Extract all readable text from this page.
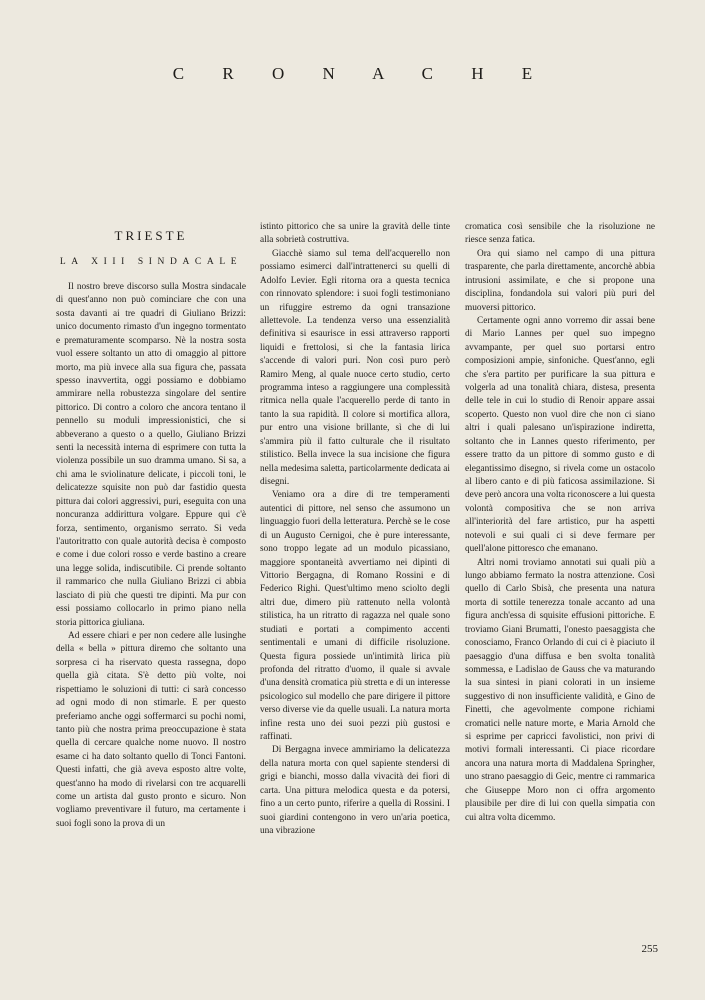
C R O N A C H E
TRIESTE
LA XIII SINDACALE

Il nostro breve discorso sulla Mostra sindacale di quest'anno non può cominciare che con una sosta davanti ai tre quadri di Giuliano Brizzi: unico documento rimasto d'un ingegno tormentato e prematuramente scomparso. Nè la nostra sosta vuol essere soltanto un atto di omaggio al pittore morto, ma più invece alla sua figura che, passata spesso inavvertita, oggi possiamo e dobbiamo ammirare nella robustezza singolare del sentire pittorico. Di contro a coloro che ancora tentano il pennello su moduli impressionistici, che si abbeverano a questo o a quello, Giuliano Brizzi senti la necessità interna di esprimere con tutta la violenza possibile un suo dramma umano. Si sa, a chi ama le sviolinature delicate, i piccoli toni, le delicatezze squisite non può dar fastidio questa pittura dai colori aggressivi, puri, eseguita con una noncuranza addirittura volgare. Eppure qui c'è forza, sentimento, organismo serrato. Si veda l'autoritratto con quale autorità decisa è composto e come i due colori rosso e verde bastino a creare una legge solida, indiscutibile. Ci prende soltanto il rammarico che nulla Giuliano Brizzi ci abbia lasciato di più che questi tre dipinti. Ma pur con essi possiamo collocarlo in primo piano nella storia pittorica giuliana.

Ad essere chiari e per non cedere alle lusinghe della « bella » pittura diremo che soltanto una sorpresa ci ha riservato questa rassegna, dopo quella già citata. S'è detto più volte, noi rispettiamo le soluzioni di tutti: ci sarà concesso ad ogni modo di non stimarle. E per questo preferiamo anche oggi soffermarci su pochi nomi, tanto più che nostra prima preoccupazione è stata quella di cercare qualche nome nuovo. Il nostro esame ci ha dato soltanto quello di Tonci Fantoni. Questi infatti, che già aveva esposto altre volte, quest'anno ha modo di rivelarsi con tre acquarelli come un artista dal gusto pronto e sicuro. Non vogliamo preventivare il futuro, ma certamente i suoi fogli sono la prova di un

istinto pittorico che sa unire la gravità delle tinte alla sobrietà costruttiva.

Giacchè siamo sul tema dell'acquerello non possiamo esimerci dall'intrattenerci su quelli di Adolfo Levier. Egli ritorna ora a questa tecnica con rinnovato splendore: i suoi fogli testimoniano un rifuggire estremo da ogni transazione allettevole. La tendenza verso una essenzialità definitiva si esaurisce in essi attraverso rapporti liquidi e frettolosi, si che la fantasia lirica s'accende di valori puri. Non così puro però Ramiro Meng, al quale nuoce certo studio, certo programma inteso a raggiungere una complessità ritmica nella quale l'acquerello perde di tanto in tanto la sua rapidità. Il colore si mortifica allora, pur entro una visione brillante, sì che di lui s'ammira più il fatto culturale che il risultato stilistico. Bella invece la sua incisione che figura nella medesima saletta, particolarmente dedicata ai disegni.

Veniamo ora a dire di tre temperamenti autentici di pittore, nel senso che assumono un linguaggio fuori della letteratura. Perchè se le cose di un Augusto Cernigoi, che è pure interessante, sono troppo legate ad un modulo picassiano, maggiore spontaneità avvertiamo nei dipinti di Vittorio Bergagna, di Romano Rossini e di Federico Righi. Quest'ultimo meno sciolto degli altri due, dimero più rattenuto nella volontà stilistica, ha un ritratto di ragazza nel quale sono studiati e portati a compimento accenti sentimentali e umani di difficile risoluzione. Questa figura possiede un'intimità lirica più profonda del ritratto d'uomo, il quale si avvale d'una densità cromatica più stretta e di un interesse psicologico sul modello che pare dirigere il pittore verso diverse vie da quelle usuali. La natura morta infine resta uno dei suoi pezzi più gustosi e raffinati.

Di Bergagna invece ammiriamo la delicatezza della natura morta con quel sapiente stendersi di grigi e bianchi, mosso dalla vivacità dei fiori di carta. Una pittura melodica questa e da potersi, fino a un certo punto, riferire a quella di Rossini. I suoi giardini contengono in vero un'aria poetica, una vibrazione

cromatica così sensibile che la risoluzione ne riesce senza fatica.

Ora qui siamo nel campo di una pittura trasparente, che parla direttamente, ancorchè abbia intrusioni assimilate, e che si propone una disciplina, fondandola sui valori più puri del muoversi pittorico.

Certamente ogni anno vorremo dir assai bene di Mario Lannes per quel suo impegno avvampante, per quel suo portarsi entro composizioni ampie, sinfoniche. Quest'anno, egli che s'era partito per purificare la sua pittura e volgerla ad una tonalità chiara, distesa, presenta delle tele in cui lo studio di Renoir appare assai scoperto. Questo non vuol dire che non ci siano altri i quali palesano un'ispirazione indiretta, soltanto che in Lannes questo riferimento, per essere tratto da un pittore di sommo gusto e di elegantissimo disegno, si rivela come un ostacolo al libero canto e di più faticosa assimilazione. Si deve però ancora una volta riconoscere a lui questa volontà compositiva che se non arriva all'interiorità del fare artistico, pur ha aspetti notevoli e sui quali ci si deve fermare per quell'alone pittoresco che emanano.

Altri nomi troviamo annotati sui quali più a lungo abbiamo fermato la nostra attenzione. Così quello di Carlo Sbisà, che presenta una natura morta di sottile tenerezza tonale accanto ad una figura anch'essa di squisite effusioni pittoriche. E troviamo Giani Brumatti, l'onesto paesaggista che conosciamo, Franco Orlando di cui ci è piaciuto il paesaggio d'una diffusa e ben svolta tonalità sommessa, e Ladislao de Gauss che va maturando la sua sintesi in piani colorati in un insieme suggestivo di non insufficiente validità, e Gino de Finetti, che agevolmente compone richiami cromatici nelle nature morte, e Maria Arnold che si esprime per capricci favolistici, non privi di motivi formali interessanti. Ci piace ricordare ancora una natura morta di Maddalena Springher, uno strano paesaggio di Geic, mentre ci rammarica che Giuseppe Moro non ci offra argomento plausibile per dire di lui con quella simpatia con cui altra volta dicemmo.

255
